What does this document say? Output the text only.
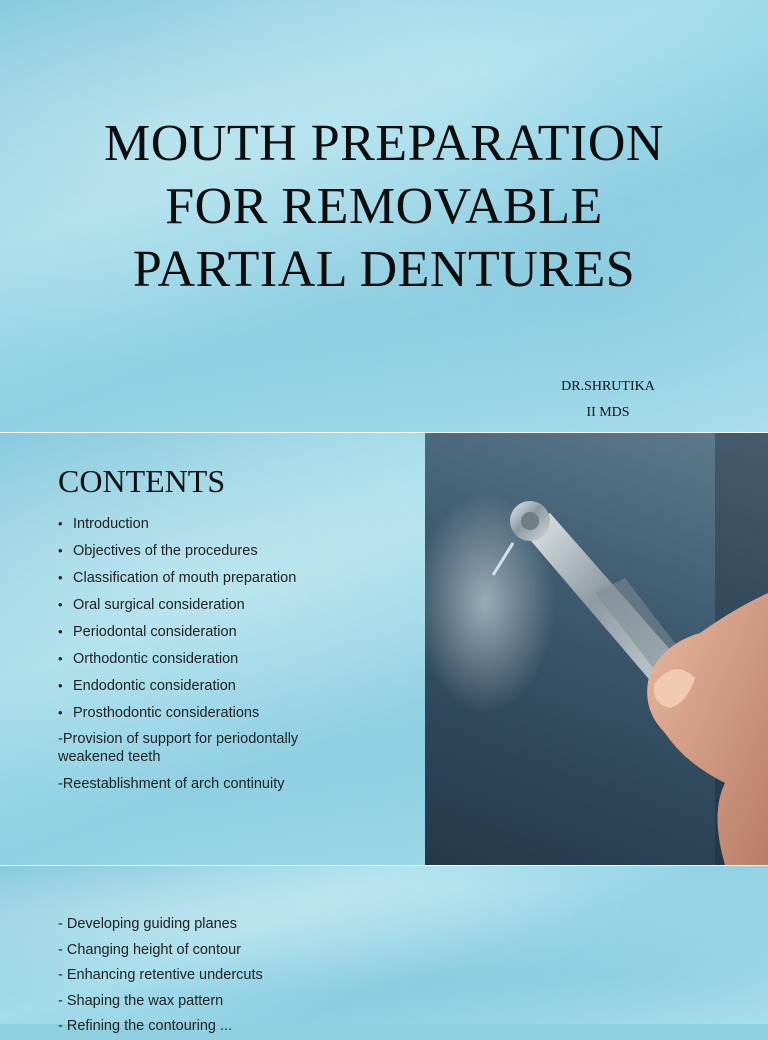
MOUTH PREPARATION
FOR REMOVABLE
PARTIAL DENTURES
DR.SHRUTIKA
II MDS
CONTENTS
• Introduction
• Objectives of the procedures
• Classification of mouth preparation
• Oral surgical consideration
• Periodontal consideration
• Orthodontic consideration
• Endodontic consideration
• Prosthodontic considerations
-Provision of support for periodontally weakened teeth
-Reestablishment of arch continuity
- Developing guiding planes
- Changing height of contour
- Enhancing retentive undercuts
- Shaping the wax pattern
- Refining the contouring ...
